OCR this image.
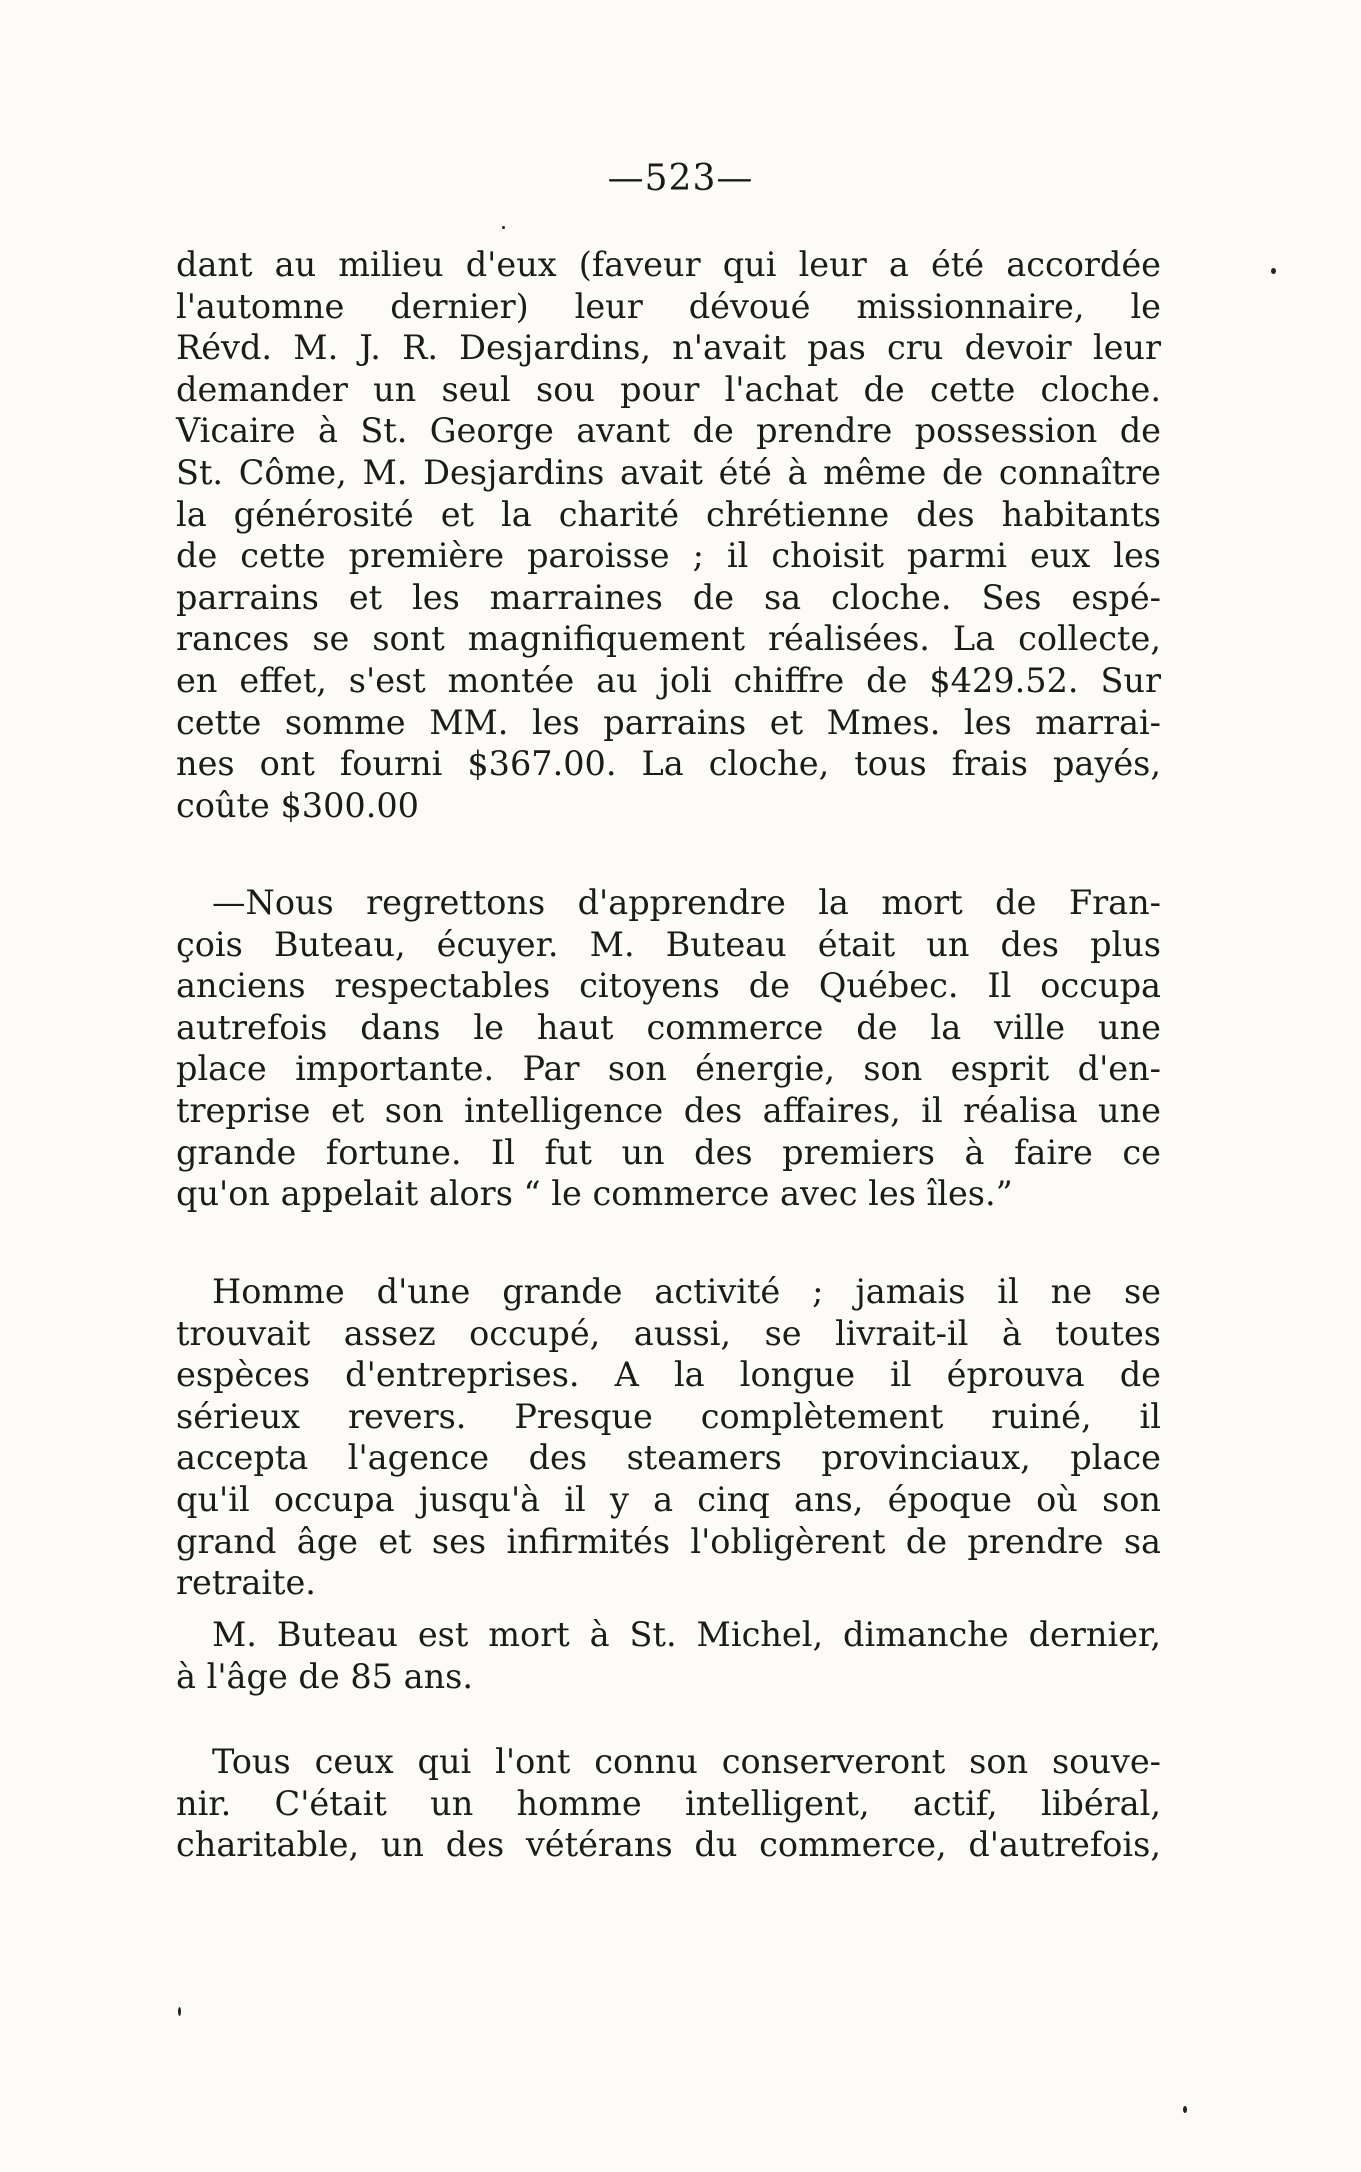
—523—
dant au milieu d'eux (faveur qui leur a été accordée
l'automne dernier) leur dévoué missionnaire, le
Révd. M. J. R. Desjardins, n'avait pas cru devoir leur
demander un seul sou pour l'achat de cette cloche.
Vicaire à St. George avant de prendre possession de
St. Côme, M. Desjardins avait été à même de connaître
la générosité et la charité chrétienne des habitants
de cette première paroisse ; il choisit parmi eux les
parrains et les marraines de sa cloche. Ses espé-
rances se sont magnifiquement réalisées. La collecte,
en effet, s'est montée au joli chiffre de $429.52. Sur
cette somme MM. les parrains et Mmes. les marrai-
nes ont fourni $367.00. La cloche, tous frais payés,
coûte $300.00
—Nous regrettons d'apprendre la mort de Fran-
çois Buteau, écuyer. M. Buteau était un des plus
anciens respectables citoyens de Québec. Il occupa
autrefois dans le haut commerce de la ville une
place importante. Par son énergie, son esprit d'en-
treprise et son intelligence des affaires, il réalisa une
grande fortune. Il fut un des premiers à faire ce
qu'on appelait alors “ le commerce avec les îles.”
Homme d'une grande activité ; jamais il ne se
trouvait assez occupé, aussi, se livrait-il à toutes
espèces d'entreprises. A la longue il éprouva de
sérieux revers. Presque complètement ruiné, il
accepta l'agence des steamers provinciaux, place
qu'il occupa jusqu'à il y a cinq ans, époque où son
grand âge et ses infirmités l'obligèrent de prendre sa
retraite.
M. Buteau est mort à St. Michel, dimanche dernier,
à l'âge de 85 ans.
Tous ceux qui l'ont connu conserveront son souve-
nir. C'était un homme intelligent, actif, libéral,
charitable, un des vétérans du commerce, d'autrefois,
